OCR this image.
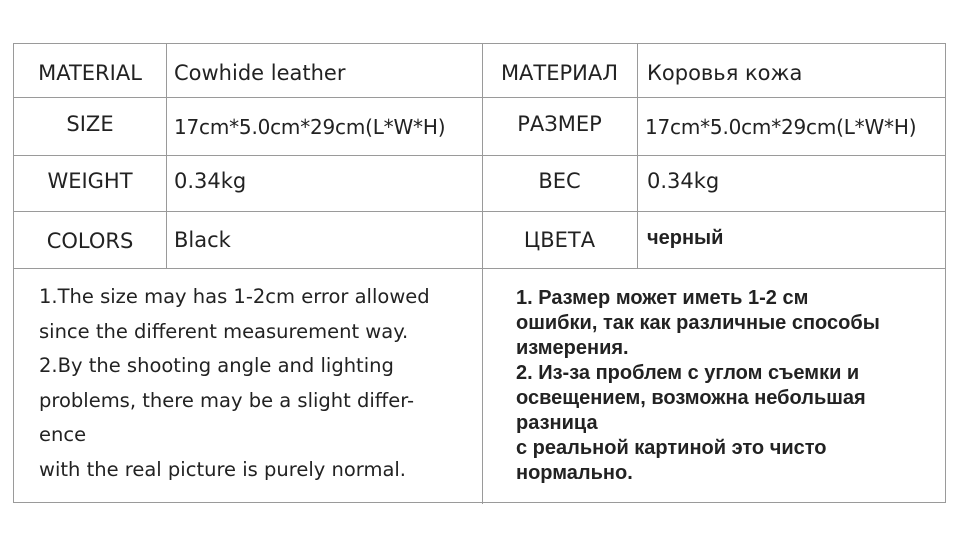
MATERIAL	Cowhide leather	МАТЕРИАЛ	Коровья кожа
SIZE	17cm*5.0cm*29cm(L*W*H)	РАЗМЕР	17cm*5.0cm*29cm(L*W*H)
WEIGHT	0.34kg	BEC	0.34kg
COLORS	Black	ЦВЕТА	черный
1.The size may has 1-2cm error allowed
since the different measurement way.
2.By the shooting angle and lighting
problems, there may be a slight differ-
ence
with the real picture is purely normal.
1. Размер может иметь 1-2 см
ошибки, так как различные способы
измерения.
2. Из-за проблем с углом съемки и
освещением, возможна небольшая
разница
с реальной картиной это чисто
нормально.
